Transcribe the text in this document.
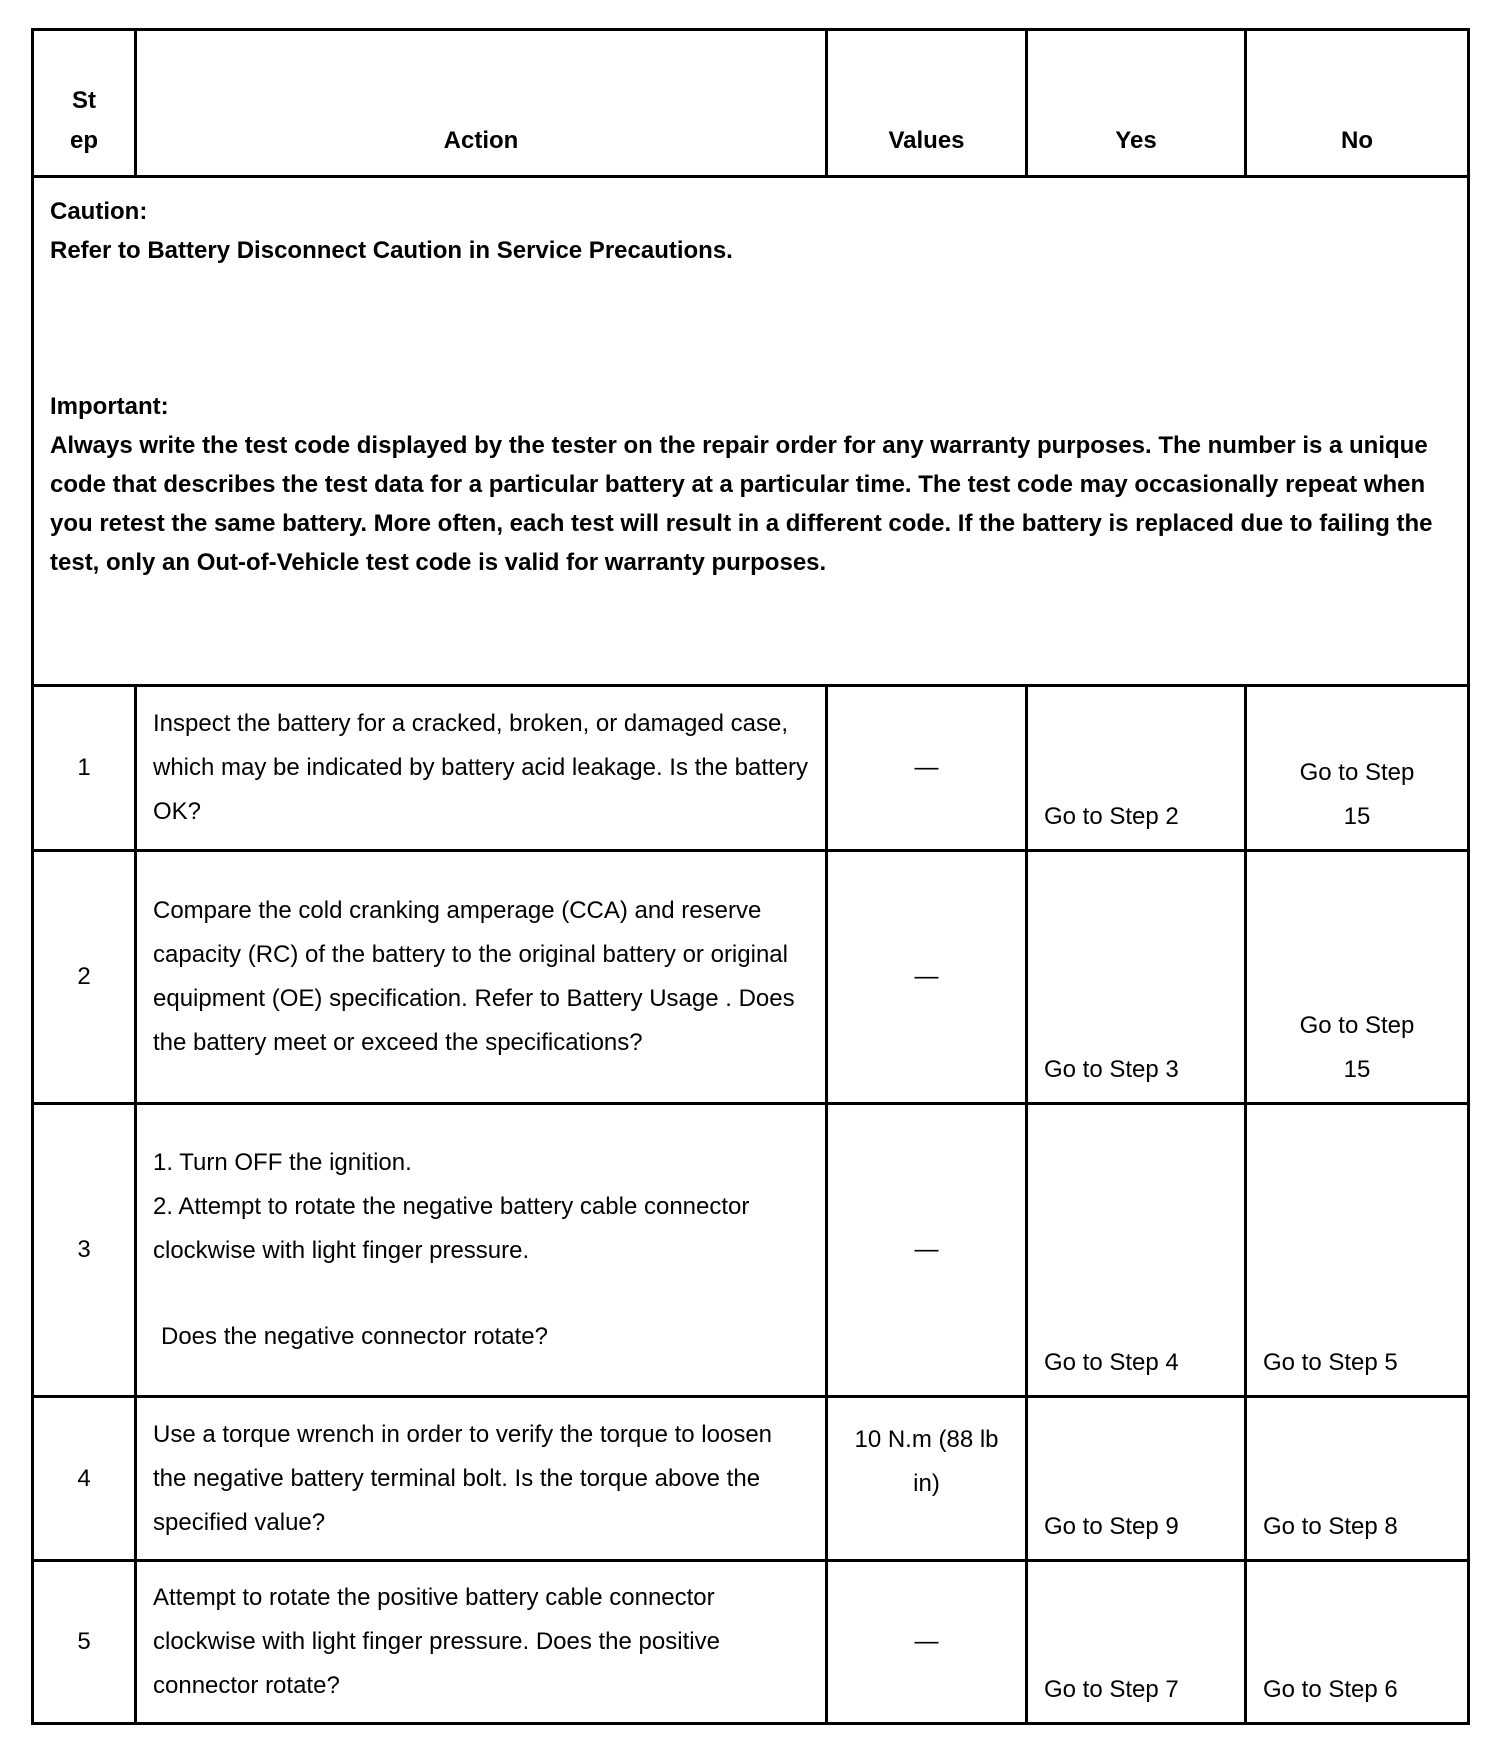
St ep	Action	Values	Yes	No

Caution:

Refer to Battery Disconnect Caution in Service Precautions.

Important:

Always write the test code displayed by the tester on the repair order for any warranty purposes. The number is a unique code that describes the test data for a particular battery at a particular time. The test code may occasionally repeat when you retest the same battery. More often, each test will result in a different code. If the battery is replaced due to failing the test, only an Out-of-Vehicle test code is valid for warranty purposes.				

1	Inspect the battery for a cracked, broken, or damaged case, which may be indicated by battery acid leakage. Is the battery OK?	—	Go to Step 2	Go to Step 15

2	Compare the cold cranking amperage (CCA) and reserve capacity (RC) of the battery to the original battery or original equipment (OE) specification. Refer to Battery Usage . Does the battery meet or exceed the specifications?	—	Go to Step 3	Go to Step 15

3	1. Turn OFF the ignition.
2. Attempt to rotate the negative battery cable connector clockwise with light finger pressure.
Does the negative connector rotate?	—	Go to Step 4	Go to Step 5
4	Use a torque wrench in order to verify the torque to loosen the negative battery terminal bolt. Is the torque above the specified value?	10 N.m (88 lb in)	Go to Step 9	Go to Step 8
5	Attempt to rotate the positive battery cable connector clockwise with light finger pressure. Does the positive connector rotate?	—	Go to Step 7	Go to Step 6
